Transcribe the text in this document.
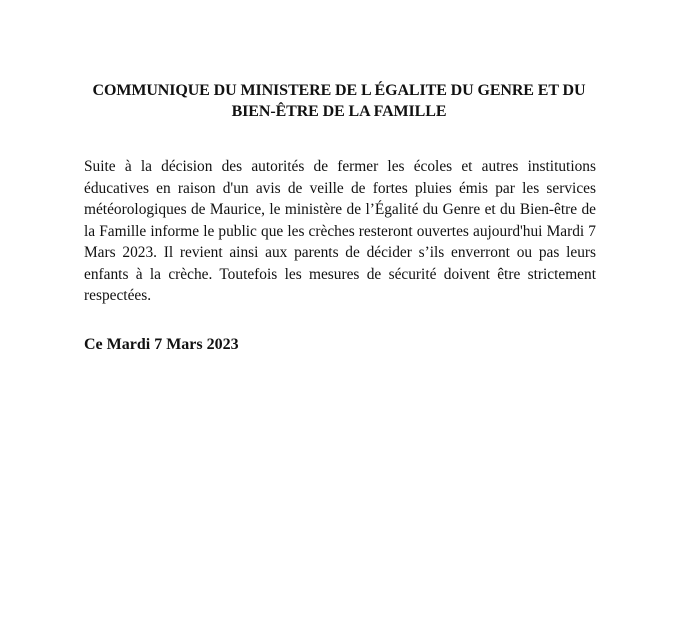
COMMUNIQUE DU MINISTERE DE L ÉGALITE DU GENRE ET DU
BIEN-ÊTRE DE LA FAMILLE

Suite à la décision des autorités de fermer les écoles et autres institutions éducatives en raison d'un avis de veille de fortes pluies émis par les services météorologiques de Maurice, le ministère de l’Égalité du Genre et du Bien-être de la Famille informe le public que les crèches resteront ouvertes aujourd'hui Mardi 7 Mars 2023. Il revient ainsi aux parents de décider s’ils enverront ou pas leurs enfants à la crèche. Toutefois les mesures de sécurité doivent être strictement respectées.

Ce Mardi 7 Mars 2023
